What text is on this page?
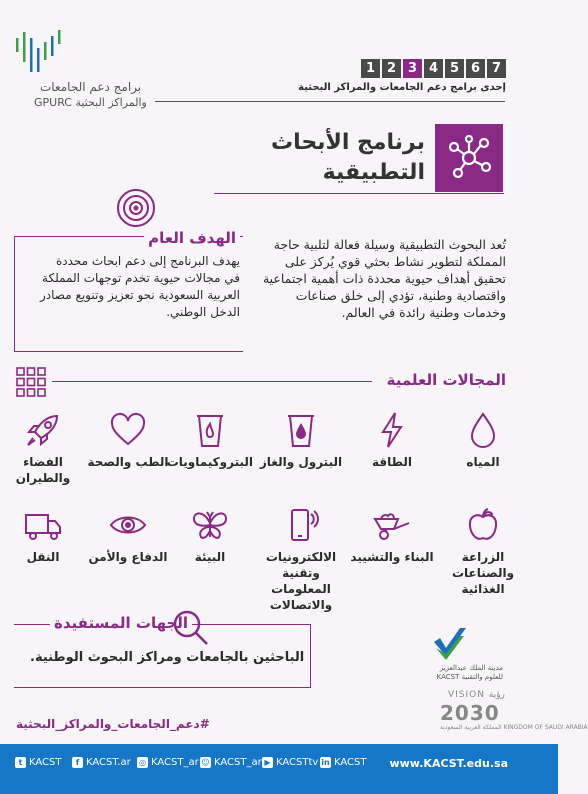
برامج دعم الجامعات
GPURC والمراكز البحثية
1 2 3 4 5 6 7
إحدى برامج دعم الجامعات والمراكز البحثية
برنامج الأبحاث
التطبيقية
الهدف العام
يهدف البرنامج إلى دعم ابحاث محددة في مجالات حيوية تخدم توجهات المملكة العربية السعودية نحو تعزيز وتنويع مصادر الدخل الوطني.
تُعد البحوث التطبيقية وسيلة فعالة لتلبية حاجة المملكة لتطوير نشاط بحثي قوي يُركز على تحقيق أهداف حيوية محددة ذات أهمية اجتماعية واقتصادية وطنية، تؤدي إلى خلق صناعات وخدمات وطنية رائدة في العالم.
المجالات العلمية
المياه
الطاقة
البترول والغاز
البتروكيماويات
الطب والصحة
الفضاء والطيران
الزراعة والصناعات الغذائية
البناء والتشييد
الالكترونيات وتقنية المعلومات والاتصالات
البيئة
الدفاع والأمن
النقل
الجهات المستفيدة
الباحثين بالجامعات ومراكز البحوث الوطنية.
مدينة الملك عبدالعزيز للعلوم والتقنية KACST
VISION رؤية
2030
المملكة العربية السعودية KINGDOM OF SAUDI ARABIA
#دعم_الجامعات_والمراكز_البحثية
t KACST	f KACST.ar ◎ KACST_ar ☺ KACST_ar ▶ KACSTtv in KACST www.KACST.edu.sa
